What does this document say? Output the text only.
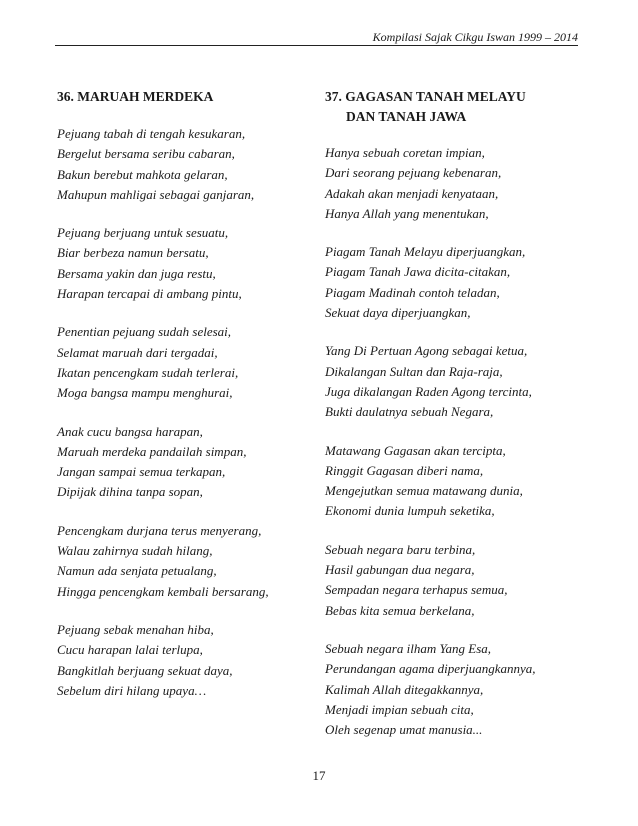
Kompilasi Sajak Cikgu Iswan 1999 – 2014
36. MARUAH MERDEKA
Pejuang tabah di tengah kesukaran,
Bergelut bersama seribu cabaran,
Bakun berebut mahkota gelaran,
Mahupun mahligai sebagai ganjaran,
Pejuang berjuang untuk sesuatu,
Biar berbeza namun bersatu,
Bersama yakin dan juga restu,
Harapan tercapai di ambang pintu,
Penentian pejuang sudah selesai,
Selamat maruah dari tergadai,
Ikatan pencengkam sudah terlerai,
Moga bangsa mampu menghurai,
Anak cucu bangsa harapan,
Maruah merdeka pandailah simpan,
Jangan sampai semua terkapan,
Dipijak dihina tanpa sopan,
Pencengkam durjana terus menyerang,
Walau zahirnya sudah hilang,
Namun ada senjata petualang,
Hingga pencengkam kembali bersarang,
Pejuang sebak menahan hiba,
Cucu harapan lalai terlupa,
Bangkitlah berjuang sekuat daya,
Sebelum diri hilang upaya…
37. GAGASAN TANAH MELAYU
DAN TANAH JAWA
Hanya sebuah coretan impian,
Dari seorang pejuang kebenaran,
Adakah akan menjadi kenyataan,
Hanya Allah yang menentukan,
Piagam Tanah Melayu diperjuangkan,
Piagam Tanah Jawa dicita-citakan,
Piagam Madinah contoh teladan,
Sekuat daya diperjuangkan,
Yang Di Pertuan Agong sebagai ketua,
Dikalangan Sultan dan Raja-raja,
Juga dikalangan Raden Agong tercinta,
Bukti daulatnya sebuah Negara,
Matawang Gagasan akan tercipta,
Ringgit Gagasan diberi nama,
Mengejutkan semua matawang dunia,
Ekonomi dunia lumpuh seketika,
Sebuah negara baru terbina,
Hasil gabungan dua negara,
Sempadan negara terhapus semua,
Bebas kita semua berkelana,
Sebuah negara ilham Yang Esa,
Perundangan agama diperjuangkannya,
Kalimah Allah ditegakkannya,
Menjadi impian sebuah cita,
Oleh segenap umat manusia...
17
